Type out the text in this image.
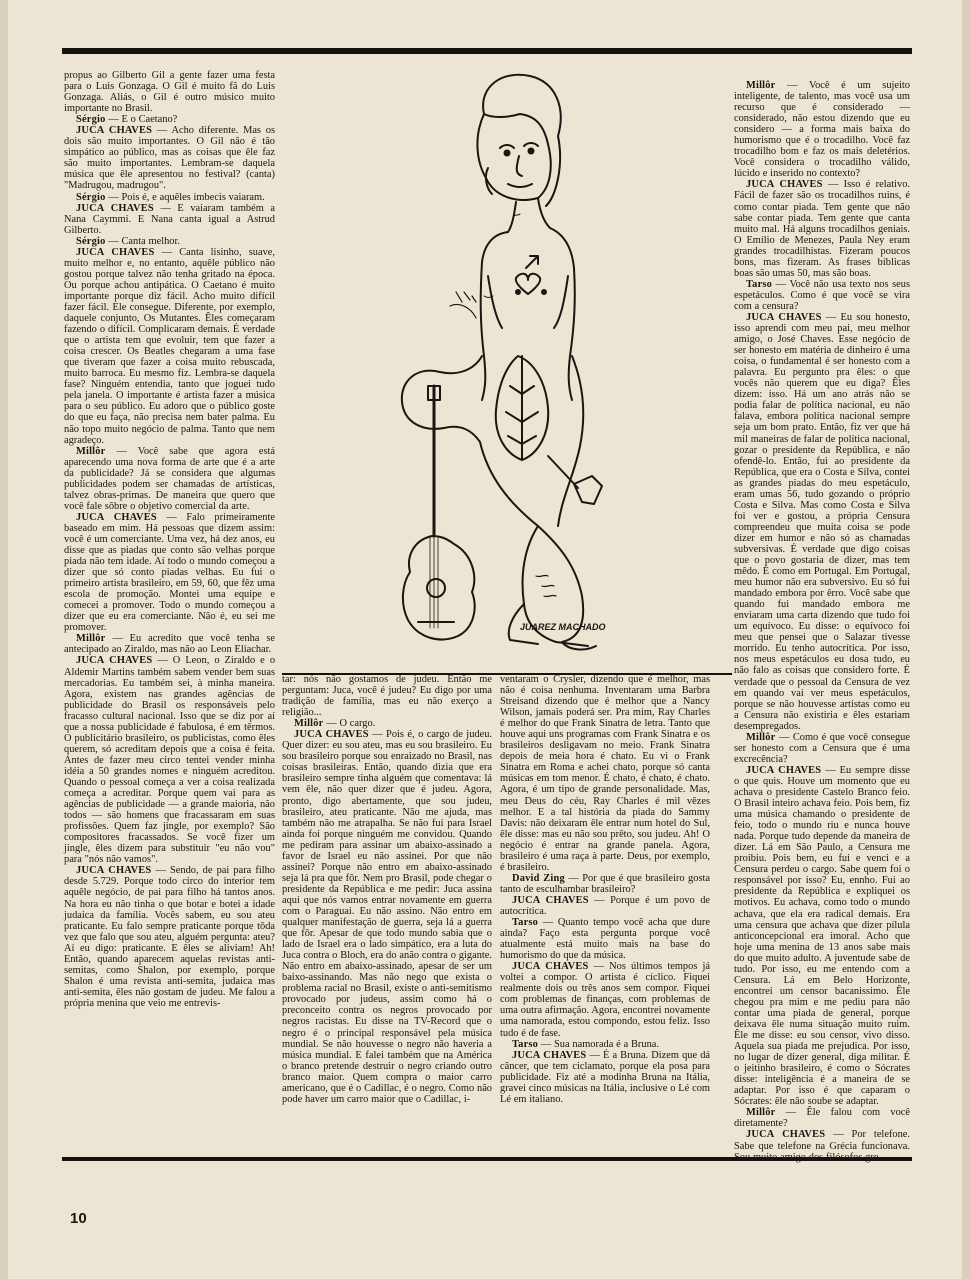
propus ao Gilberto Gil a gente fazer uma festa para o Luis Gonzaga. O Gil é muito fã do Luis Gonzaga. Aliás, o Gil é outro músico muito importante no Brasil.

Sérgio — E o Caetano?

JUCA CHAVES — Acho diferente. Mas os dois são muito importantes. O Gil não é tão simpático ao público, mas as coisas que êle faz são muito importantes. Lembram-se daquela música que êle apresentou no festival? (canta) "Madrugou, madrugou".

Sérgio — Pois é, e aquêles imbecis vaiaram.

JUCA CHAVES — E vaiaram também a Nana Caymmi. E Nana canta igual a Astrud Gilberto.

Sérgio — Canta melhor.

JUCA CHAVES — Canta lisinho, suave, muito melhor e, no entanto, aquêle público não gostou porque talvez não tenha gritado na época. Ou porque achou antipática. O Caetano é muito importante porque diz fácil. Acho muito difícil fazer fácil. Ele consegue. Diferente, por exemplo, daquele conjunto, Os Mutantes. Êles começaram fazendo o difícil. Complicaram demais. É verdade que o artista tem que evoluir, tem que fazer a coisa crescer. Os Beatles chegaram a uma fase que tiveram que fazer a coisa muito rebuscada, muito barroca. Eu mesmo fiz. Lembra-se daquela fase? Ninguém entendia, tanto que joguei tudo pela janela. O importante é artista fazer a música para o seu público. Eu adoro que o público goste do que eu faça, não precisa nem bater palma. Eu não topo muito negócio de palma. Tanto que nem agradeço.

Millôr — Você sabe que agora está aparecendo uma nova forma de arte que é a arte da publicidade? Já se considera que algumas publicidades podem ser chamadas de artísticas, talvez obras-primas. De maneira que quero que você fale sôbre o objetivo comercial da arte.

JUCA CHAVES — Falo primeiramente baseado em mim. Há pessoas que dizem assim: você é um comerciante. Uma vez, há dez anos, eu disse que as piadas que conto são velhas porque piada não tem idade. Aí todo o mundo começou a dizer que só conto piadas velhas. Eu fui o primeiro artista brasileiro, em 59, 60, que fêz uma escola de promoção. Montei uma equipe e comecei a promover. Todo o mundo começou a dizer que eu era comerciante. Não é, eu sei me promover.

Millôr — Eu acredito que você tenha se antecipado ao Ziraldo, mas não ao Leon Eliachar.

JUCA CHAVES — O Leon, o Ziraldo e o Aldemir Martins também sabem vender bem suas mercadorias. Eu também sei, à minha maneira. Agora, existem nas grandes agências de publicidade do Brasil os responsáveis pelo fracasso cultural nacional. Isso que se diz por aí que a nossa publicidade é fabulosa, é em têrmos. O publicitário brasileiro, os publicistas, como êles querem, só acreditam depois que a coisa é feita. Antes de fazer meu circo tentei vender minha idéia a 50 grandes nomes e ninguém acreditou. Quando o pessoal começa a ver a coisa realizada começa a acreditar. Porque quem vai para as agências de publicidade — a grande maioria, não todos — são homens que fracassaram em suas profissões. Quem faz jingle, por exemplo? São compositores fracassados. Se você fizer um jingle, êles dizem para substituir "eu não vou" para "nós não vamos".

JUCA CHAVES — Sendo, de pai para filho desde 5.729. Porque todo circo do interior tem aquêle negócio, de pai para filho há tantos anos. Na hora eu não tinha o que botar e botei a idade judaica da família. Vocês sabem, eu sou ateu praticante. Eu falo sempre praticante porque tôda vez que falo que sou ateu, alguém pergunta: ateu? Aí eu digo: praticante. E êles se aliviam! Ah! Então, quando aparecem aquelas revistas anti-semitas, como Shalon, por exemplo, porque Shalon é uma revista anti-semita, judaica mas anti-semita, êles não gostam de judeu. Me falou a própria menina que veio me entrevis-

tar: nós não gostamos de judeu. Então me perguntam: Juca, você é judeu? Eu digo por uma tradição de família, mas eu não exerço a religião...

Millôr — O cargo.

JUCA CHAVES — Pois é, o cargo de judeu. Quer dizer: eu sou ateu, mas eu sou brasileiro. Eu sou brasileiro porque sou enraizado no Brasil, nas coisas brasileiras. Então, quando dizia que era brasileiro sempre tinha alguém que comentava: lá vem êle, não quer dizer que é judeu. Agora, pronto, digo abertamente, que sou judeu, brasileiro, ateu praticante. Não me ajuda, mas também não me atrapalha. Se não fui para Israel ainda foi porque ninguém me convidou. Quando me pediram para assinar um abaixo-assinado a favor de Israel eu não assinei. Por que não assinei? Porque não entro em abaixo-assinado seja lá pra que fôr. Nem pro Brasil, pode chegar o presidente da República e me pedir: Juca assina aqui que nós vamos entrar novamente em guerra com o Paraguai. Eu não assino. Não entro em qualquer manifestação de guerra, seja lá a guerra que fôr. Apesar de que todo mundo sabia que o lado de Israel era o lado simpático, era a luta do Juca contra o Bloch, era do anão contra o gigante. Não entro em abaixo-assinado, apesar de ser um baixo-assinando. Mas não nego que exista o problema racial no Brasil, existe o anti-semitismo provocado por judeus, assim como há o preconceito contra os negros provocado por negros racistas. Eu disse na TV-Record que o negro é o principal responsável pela música mundial. Se não houvesse o negro não haveria a música mundial. E falei também que na América o branco pretende destruir o negro criando outro branco maior. Quem compra o maior carro americano, que é o Cadillac, é o negro. Como não pode haver um carro maior que o Cadillac, i-

ventaram o Crysler, dizendo que é melhor, mas não é coisa nenhuma. Inventaram uma Barbra Streisand dizendo que é melhor que a Nancy Wilson, jamais poderá ser. Pra mim, Ray Charles é melhor do que Frank Sinatra de letra. Tanto que houve aqui uns programas com Frank Sinatra e os brasileiros desligavam no meio. Frank Sinatra depois de meia hora é chato. Eu vi o Frank Sinatra em Roma e achei chato, porque só canta músicas em tom menor. É chato, é chato, é chato. Agora, é um tipo de grande personalidade. Mas, meu Deus do céu, Ray Charles é mil vêzes melhor. E a tal história da piada do Sammy Davis: não deixaram êle entrar num hotel do Sul, êle disse: mas eu não sou prêto, sou judeu. Ah! O negócio é entrar na grande panela. Agora, brasileiro é uma raça à parte. Deus, por exemplo, é brasileiro.

David Zing — Por que é que brasileiro gosta tanto de esculhambar brasileiro?

JUCA CHAVES — Porque é um povo de autocrítica.

Tarso — Quanto tempo você acha que dure ainda? Faço esta pergunta porque você atualmente está muito mais na base do humorismo do que da música.

JUCA CHAVES — Nos últimos tempos já voltei a compor. O artista é cíclico. Fiquei realmente dois ou três anos sem compor. Fiquei com problemas de finanças, com problemas de uma outra afirmação. Agora, encontrei novamente uma namorada, estou compondo, estou feliz. Isso tudo é de fase.

Tarso — Sua namorada é a Bruna.

JUCA CHAVES — É a Bruna. Dizem que dá câncer, que tem ciclamato, porque ela posa para publicidade. Fiz até a modinha Bruna na Itália, gravei cinco músicas na Itália, inclusive o Lé com Lé em italiano.

Millôr — Você é um sujeito inteligente, de talento, mas você usa um recurso que é considerado — considerado, não estou dizendo que eu considero — a forma mais baixa do humorismo que é o trocadilho. Você faz trocadilho bom e faz os mais deletérios. Você considera o trocadilho válido, lúcido e inserido no contexto?

JUCA CHAVES — Isso é relativo. Fácil de fazer são os trocadilhos ruins, é como contar piada. Tem gente que não sabe contar piada. Tem gente que canta muito mal. Há alguns trocadilhos geniais. O Emílio de Menezes, Paula Ney eram grandes trocadilhistas. Fizeram poucos bons, mas fizeram. As frases bíblicas boas são umas 50, mas são boas.

Tarso — Você não usa texto nos seus espetáculos. Como é que você se vira com a censura?

JUCA CHAVES — Eu sou honesto, isso aprendi com meu pai, meu melhor amigo, o José Chaves. Esse negócio de ser honesto em matéria de dinheiro é uma coisa, o fundamental é ser honesto com a palavra. Eu pergunto pra êles: o que vocês não querem que eu diga? Êles dizem: isso. Há um ano atrás não se podia falar de política nacional, eu não falava, embora política nacional sempre seja um bom prato. Então, fiz ver que há mil maneiras de falar de política nacional, gozar o presidente da República, e não ofendê-lo. Então, fui ao presidente da República, que era o Costa e Silva, contei as grandes piadas do meu espetáculo, eram umas 56, tudo gozando o próprio Costa e Silva. Mas como Costa e Silva foi ver e gostou, a própria Censura compreendeu que muita coisa se pode dizer em humor e não só as chamadas subversivas. É verdade que digo coisas que o povo gostaria de dizer, mas tem mêdo. É como em Portugal. Em Portugal, meu humor não era subversivo. Eu só fui mandado embora por êrro. Você sabe que quando fui mandado embora me enviaram uma carta dizendo que tudo foi um equívoco. Eu disse: o equívoco foi meu que pensei que o Salazar tivesse morrido. Eu tenho autocrítica. Por isso, nos meus espetáculos eu dosa tudo, eu não falo as coisas que considero forte. É verdade que o pessoal da Censura de vez em quando vai ver meus espetáculos, porque se não houvesse artistas como eu a Censura não existiria e êles estariam desempregados.

Millôr — Como é que você consegue ser honesto com a Censura que é uma excrecência?

JUCA CHAVES — Eu sempre disse o que quis. Houve um momento que eu achava o presidente Castelo Branco feio. O Brasil inteiro achava feio. Pois bem, fiz uma música chamando o presidente de feio, todo o mundo riu e nunca houve nada. Porque tudo depende da maneira de dizer. Lá em São Paulo, a Censura me proibiu. Pois bem, eu fui e venci e a Censura perdeu o cargo. Sabe quem foi o responsável por isso? Eu, ennho. Fui ao presidente da República e expliquei os motivos. Eu achava, como todo o mundo achava, que ela era radical demais. Era uma censura que achava que dizer pílula anticoncepcional era imoral. Acho que hoje uma menina de 13 anos sabe mais do que muito adulto. A juventude sabe de tudo. Por isso, eu me entendo com a Censura. Lá em Belo Horizonte, encontrei um censor bacanissimo. Êle chegou pra mim e me pediu para não contar uma piada de general, porque deixava êle numa situação muito ruim. Êle me disse: eu sou censor, vivo disso. Aquela sua piada me prejudica. Por isso, no lugar de dizer general, diga militar. É o jeitinho brasileiro, é como o Sócrates disse: inteligência é a maneira de se adaptar. Por isso é que caparam o Sócrates: êle não soube se adaptar.

Millôr — Êle falou com você diretamente?

JUCA CHAVES — Por telefone. Sabe que telefone na Grécia funcionava. Sou muito amigo dos filósofos gre-

JUAREZ MACHADO
10
